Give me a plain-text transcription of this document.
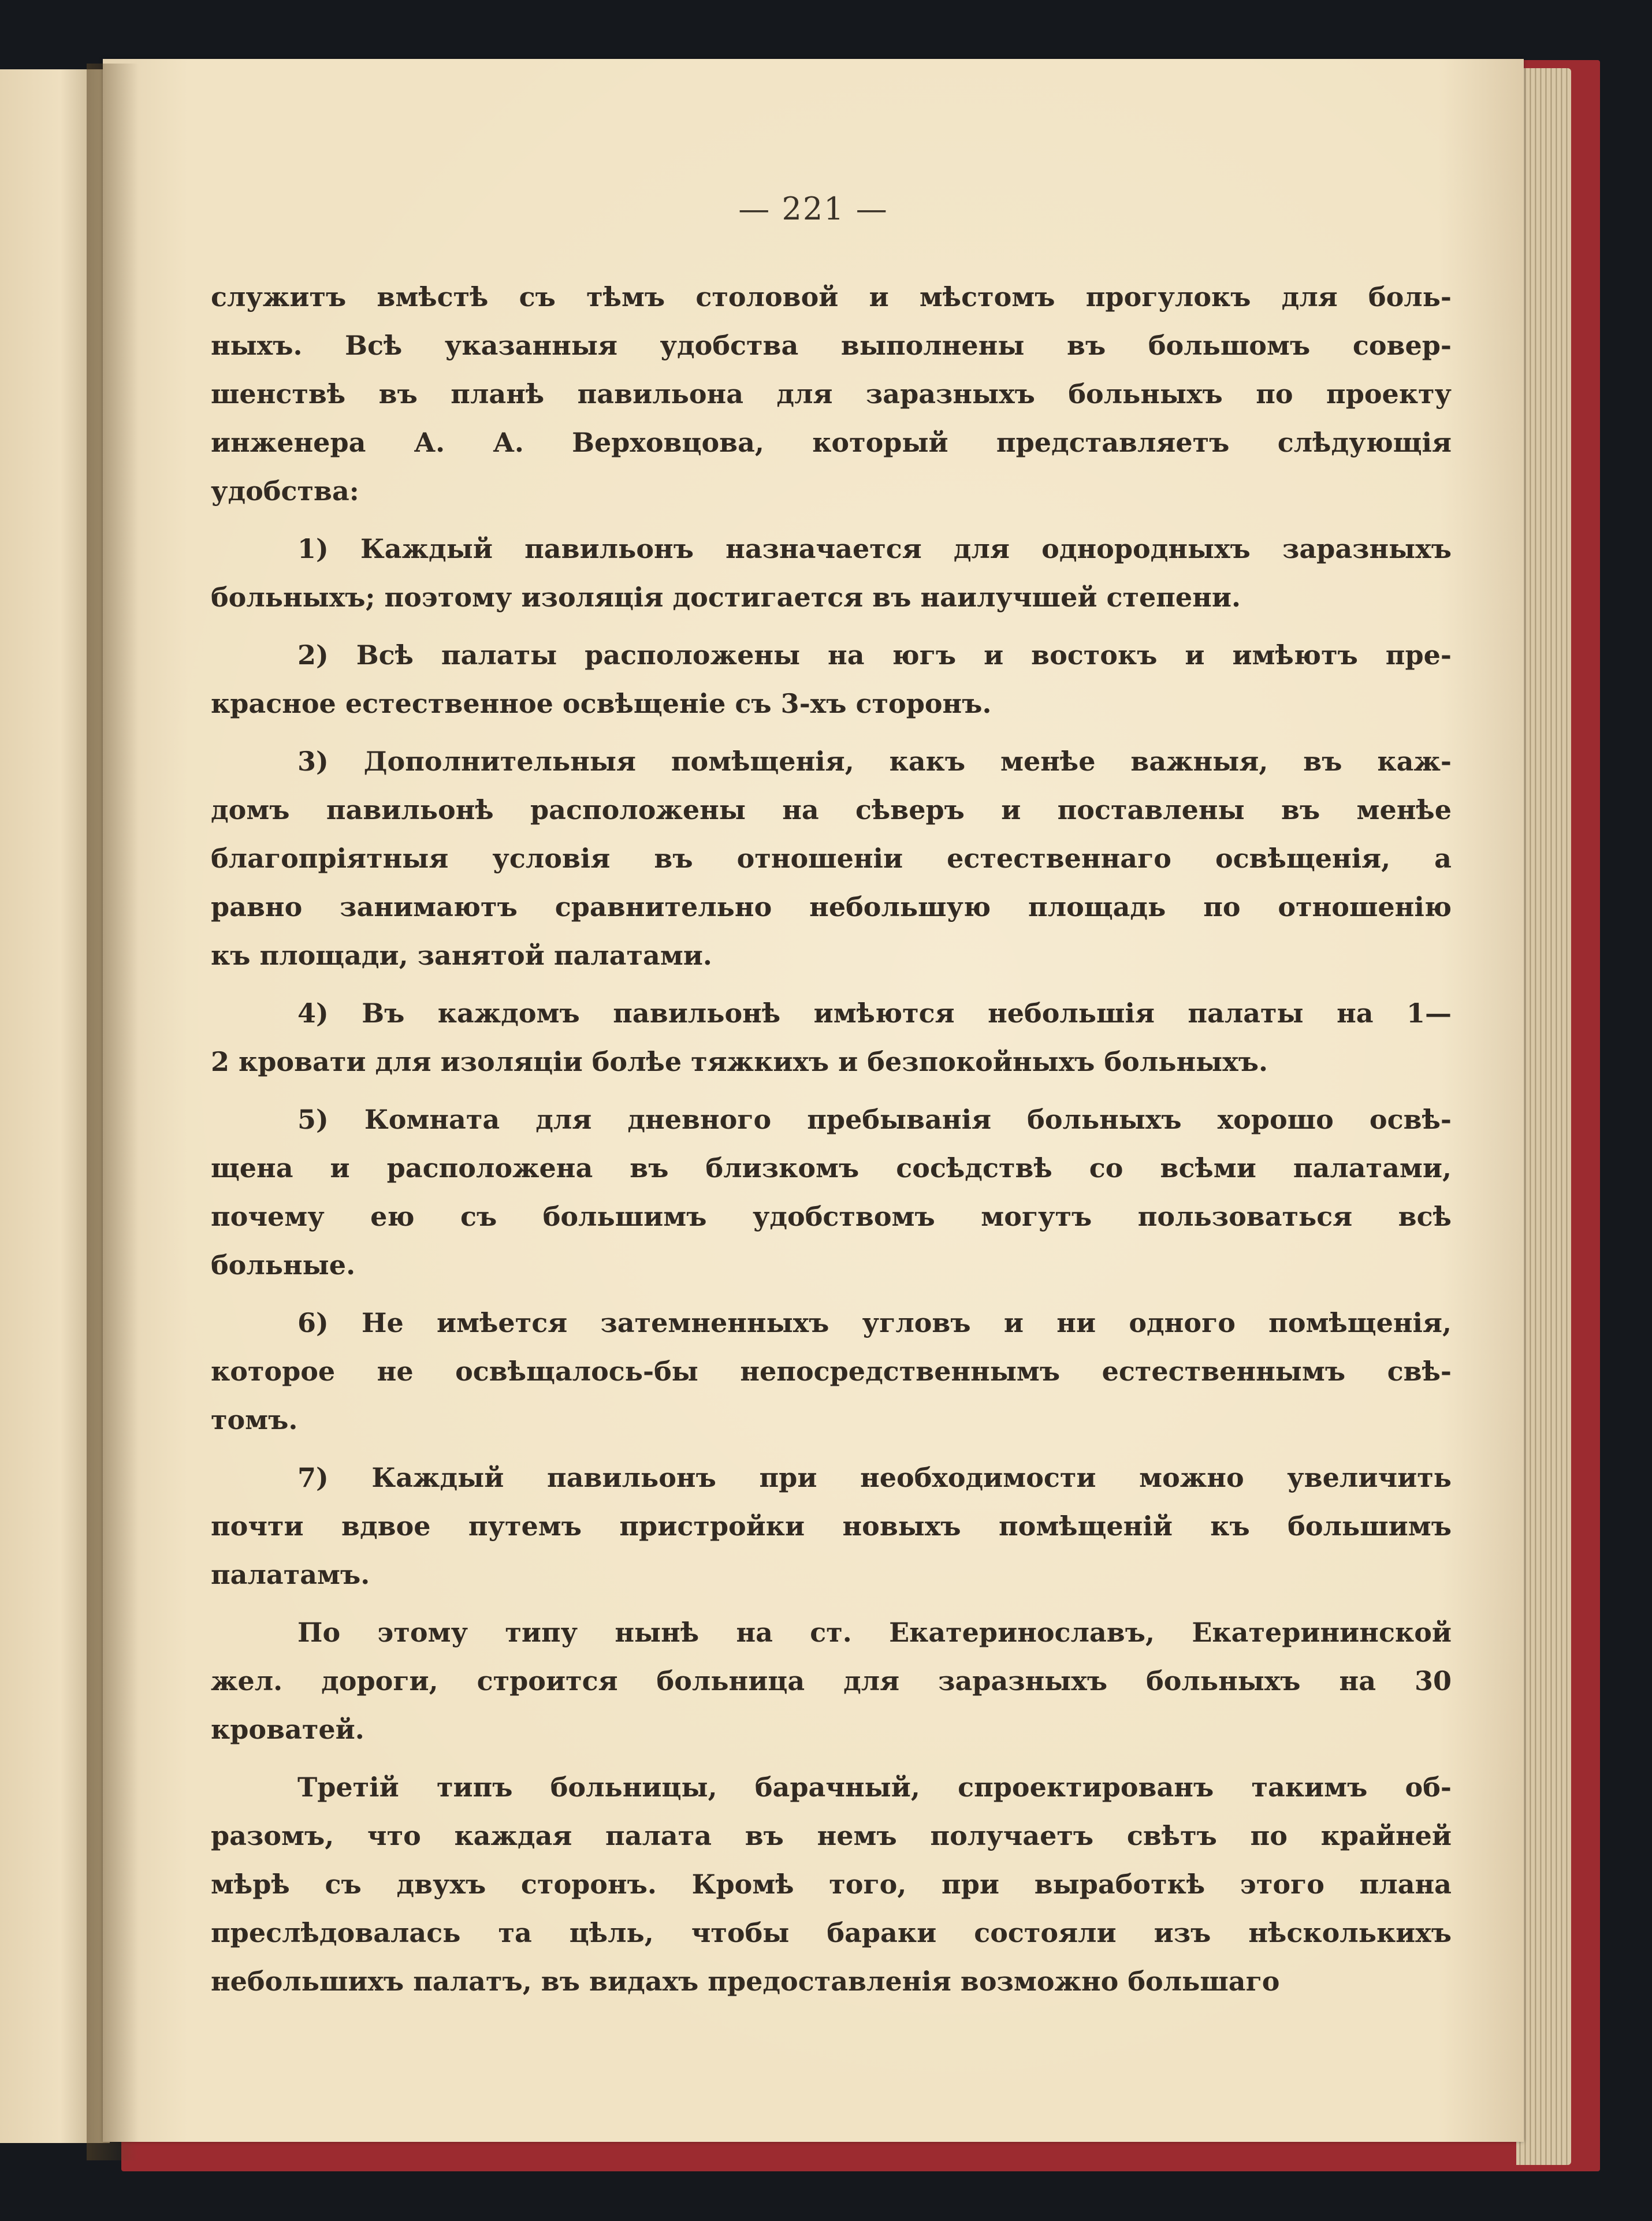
— 221 —
служитъ вмѣстѣ съ тѣмъ столовой и мѣстомъ прогулокъ для боль-
ныхъ. Всѣ указанныя удобства выполнены въ большомъ совер-
шенствѣ въ планѣ павильона для заразныхъ больныхъ по проекту
инженера А. А. Верховцова, который представляетъ слѣдующія
удобства:
1) Каждый павильонъ назначается для однородныхъ заразныхъ
больныхъ; поэтому изоляція достигается въ наилучшей степени.
2) Всѣ палаты расположены на югъ и востокъ и имѣютъ пре-
красное естественное освѣщеніе съ 3-хъ сторонъ.
3) Дополнительныя помѣщенія, какъ менѣе важныя, въ каж-
домъ павильонѣ расположены на сѣверъ и поставлены въ менѣе
благопріятныя условія въ отношеніи естественнаго освѣщенія, а
равно занимаютъ сравнительно небольшую площадь по отношенію
къ площади, занятой палатами.
4) Въ каждомъ павильонѣ имѣются небольшія палаты на 1—
2 кровати для изоляціи болѣе тяжкихъ и безпокойныхъ больныхъ.
5) Комната для дневного пребыванія больныхъ хорошо освѣ-
щена и расположена въ близкомъ сосѣдствѣ со всѣми палатами,
почему ею съ большимъ удобствомъ могутъ пользоваться всѣ
больные.
6) Не имѣется затемненныхъ угловъ и ни одного помѣщенія,
которое не освѣщалось-бы непосредственнымъ естественнымъ свѣ-
томъ.
7) Каждый павильонъ при необходимости можно увеличить
почти вдвое путемъ пристройки новыхъ помѣщеній къ большимъ
палатамъ.
По этому типу нынѣ на ст. Екатеринославъ, Екатерининской
жел. дороги, строится больница для заразныхъ больныхъ на 30
кроватей.
Третій типъ больницы, барачный, спроектированъ такимъ об-
разомъ, что каждая палата въ немъ получаетъ свѣтъ по крайней
мѣрѣ съ двухъ сторонъ. Кромѣ того, при выработкѣ этого плана
преслѣдовалась та цѣль, чтобы бараки состояли изъ нѣсколькихъ
небольшихъ палатъ, въ видахъ предоставленія возможно большаго
